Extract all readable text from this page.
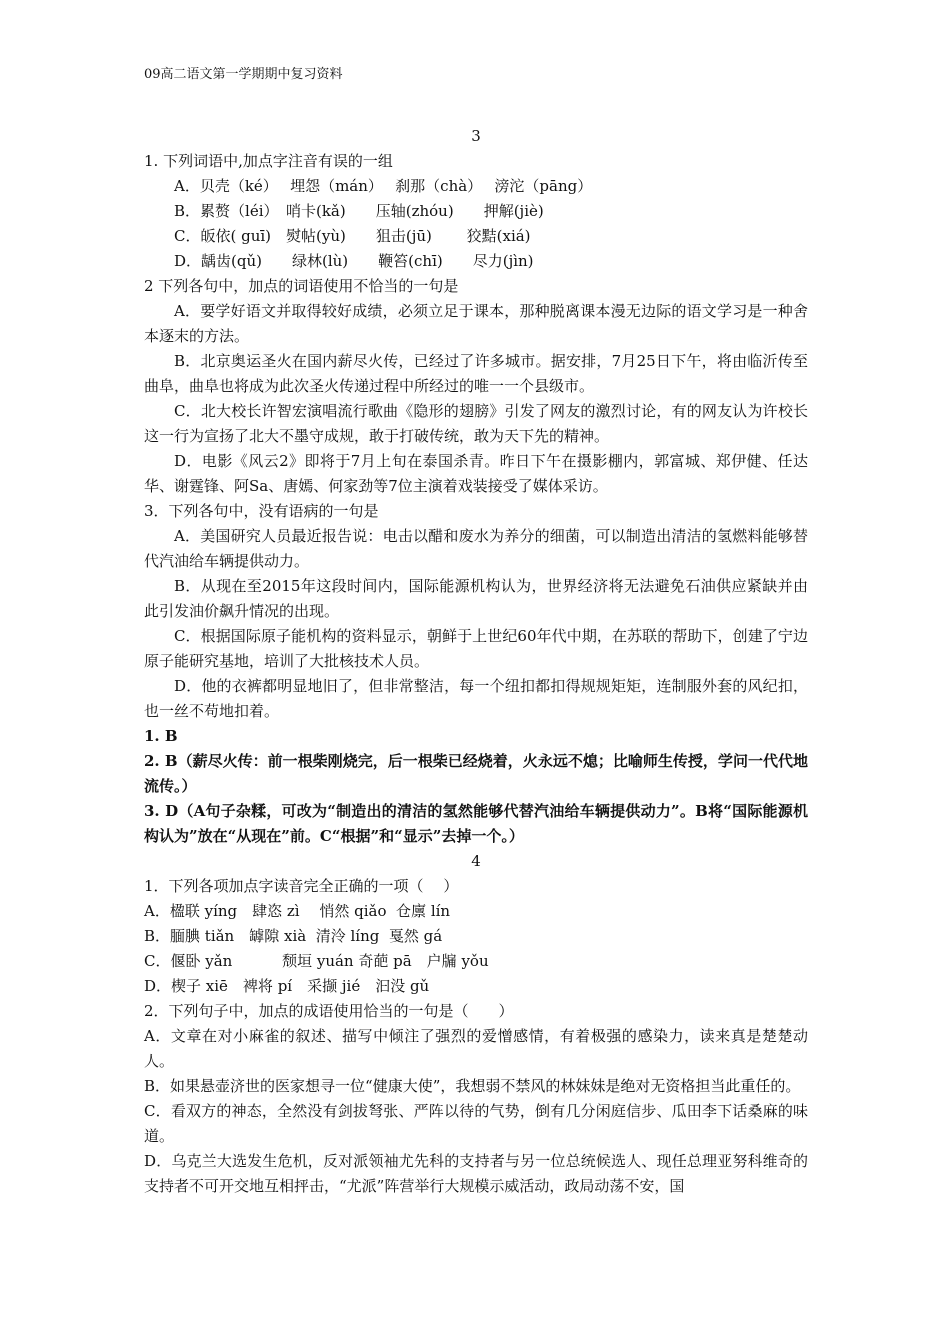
09高二语文第一学期期中复习资料

3

1. 下列词语中,加点字注音有误的一组

A．贝壳（ké）　 埋怨（mán）　 刹那（chà）　 滂沱（pāng）

B．累赘（léi）　哨卡(kǎ)　　压轴(zhóu)　　押解(jiè)

C．皈依( guī)　熨帖(yù)　　狙击(jū)　　 狡黠(xiá)

D．龋齿(qǔ)　　绿林(lù)　　鞭笞(chī)　　尽力(jìn)

2 下列各句中，加点的词语使用不恰当的一句是

A．要学好语文并取得较好成绩，必须立足于课本，那种脱离课本漫无边际的语文学习是一种舍本逐末的方法。

B．北京奥运圣火在国内薪尽火传，已经过了许多城市。据安排，7月25日下午，将由临沂传至曲阜，曲阜也将成为此次圣火传递过程中所经过的唯一一个县级市。

C．北大校长许智宏演唱流行歌曲《隐形的翅膀》引发了网友的激烈讨论，有的网友认为许校长这一行为宣扬了北大不墨守成规，敢于打破传统，敢为天下先的精神。

D．电影《风云2》即将于7月上旬在泰国杀青。昨日下午在摄影棚内，郭富城、郑伊健、任达华、谢霆锋、阿Sa、唐嫣、何家劲等7位主演着戏装接受了媒体采访。

3．下列各句中，没有语病的一句是

A．美国研究人员最近报告说：电击以醋和废水为养分的细菌，可以制造出清洁的氢燃料能够替代汽油给车辆提供动力。

B．从现在至2015年这段时间内，国际能源机构认为，世界经济将无法避免石油供应紧缺并由此引发油价飙升情况的出现。

C．根据国际原子能机构的资料显示，朝鲜于上世纪60年代中期，在苏联的帮助下，创建了宁边原子能研究基地，培训了大批核技术人员。

D．他的衣裤都明显地旧了，但非常整洁，每一个纽扣都扣得规规矩矩，连制服外套的风纪扣，也一丝不苟地扣着。

1. B

2. B（薪尽火传：前一根柴刚烧完，后一根柴已经烧着，火永远不熄；比喻师生传授，学问一代代地流传。）

3. D（A句子杂糅，可改为“制造出的清洁的氢然能够代替汽油给车辆提供动力”。B将“国际能源机构认为”放在“从现在”前。C“根据”和“显示”去掉一个。）

4

1．下列各项加点字读音完全正确的一项（　 ）

A．楹联 yíng　肆恣 zì　 悄然 qiǎo  仓廪 lín

B．腼腆 tiǎn　罅隙 xià  清泠 líng  戛然 gá

C．偃卧 yǎn　　　 颓垣 yuán 奇葩 pā　户牖 yǒu

D．楔子 xiē　裨将 pí　采撷 jié　汩没 gǔ

2．下列句子中，加点的成语使用恰当的一句是（　　）

A．文章在对小麻雀的叙述、描写中倾注了强烈的爱憎感情，有着极强的感染力，读来真是楚楚动人。

B．如果悬壶济世的医家想寻一位“健康大使”，我想弱不禁风的林妹妹是绝对无资格担当此重任的。

C．看双方的神态，全然没有剑拔弩张、严阵以待的气势，倒有几分闲庭信步、瓜田李下话桑麻的味道。

D．乌克兰大选发生危机，反对派领袖尤先科的支持者与另一位总统候选人、现任总理亚努科维奇的支持者不可开交地互相抨击，“尤派”阵营举行大规模示威活动，政局动荡不安，国
